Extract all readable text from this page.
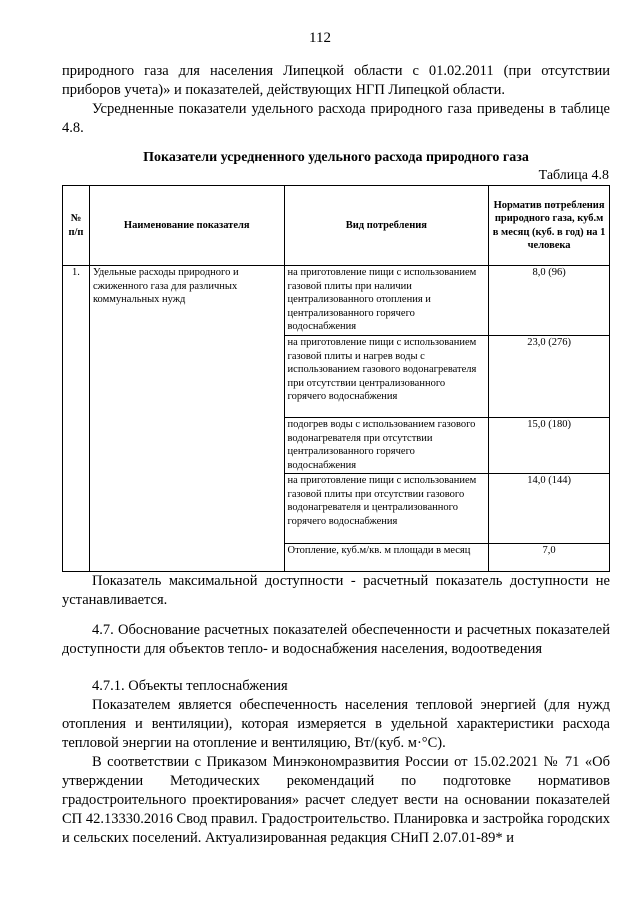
112

природного газа для населения Липецкой области с 01.02.2011 (при отсутствии приборов учета)» и показателей, действующих НГП Липецкой области.

Усредненные показатели удельного расхода природного газа приведены в таблице 4.8.

Показатели усредненного удельного расхода природного газа
Таблица 4.8
№ п/п	Наименование показателя	Вид потребления	Норматив потребления природного газа, куб.м в месяц (куб. в год) на 1 человека
1.	Удельные расходы природного и сжиженного газа для различных коммунальных нужд	на приготовление пищи с использованием газовой плиты при наличии централизованного отопления и централизованного горячего водоснабжения	8,0 (96)
		на приготовление пищи с использованием газовой плиты и нагрев воды с использованием газового водонагревателя при отсутствии централизованного горячего водоснабжения	23,0 (276)
		подогрев воды с использованием газового водонагревателя при отсутствии централизованного горячего водоснабжения	15,0 (180)
		на приготовление пищи с использованием газовой плиты при отсутствии газового водонагревателя и централизованного горячего водоснабжения	14,0 (144)
		Отопление, куб.м/кв. м площади в месяц	7,0

Показатель максимальной доступности - расчетный показатель доступности не устанавливается.

4.7. Обоснование расчетных показателей обеспеченности и расчетных показателей доступности для объектов тепло- и водоснабжения населения, водоотведения

4.7.1. Объекты теплоснабжения

Показателем является обеспеченность населения тепловой энергией (для нужд отопления и вентиляции), которая измеряется в удельной характеристики расхода тепловой энергии на отопление и вентиляцию, Вт/(куб. м·°С).

В соответствии с Приказом Минэкономразвития России от 15.02.2021 № 71 «Об утверждении Методических рекомендаций по подготовке нормативов градостроительного проектирования» расчет следует вести на основании показателей СП 42.13330.2016 Свод правил. Градостроительство. Планировка и застройка городских и сельских поселений. Актуализированная редакция СНиП 2.07.01-89* и
